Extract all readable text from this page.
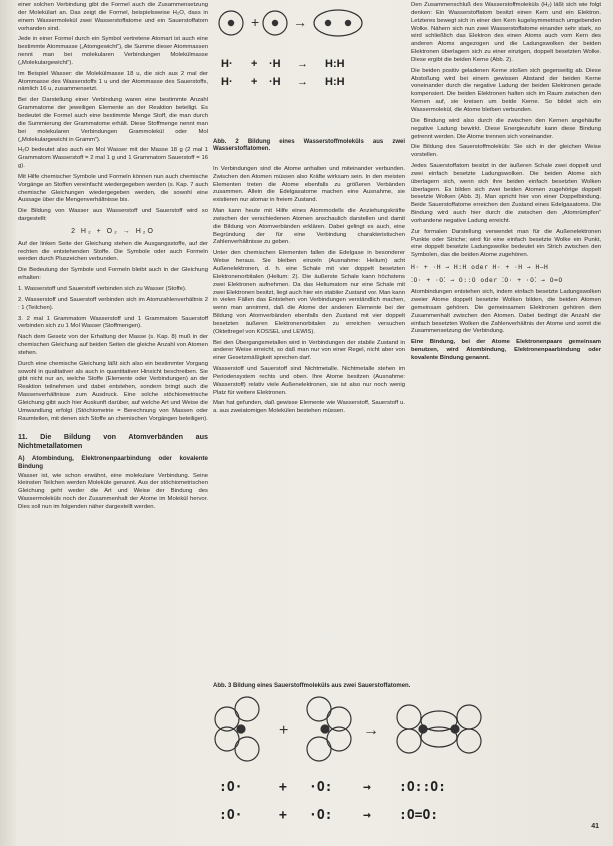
einer solchen Verbindung gibt die Formel auch die Zusammensetzung der Molekülart an. Das zeigt die Formel, beispielsweise H₂O, dass in einem Wassermolekül zwei Wasserstoffatome und ein Sauerstoffatom vorhanden sind.

Jede in einer Formel durch ein Symbol vertretene Atomart ist auch eine bestimmte Atommasse („Atomgewicht“), die Summe dieser Atommassen nennt man bei molekularen Verbindungen Molekülmasse („Molekulargewicht“).

Im Beispiel Wasser: die Molekülmasse 18 u, die sich aus 2 mal der Atommasse des Wasserstoffs 1 u und der Atommasse des Sauerstoffs, nämlich 16 u, zusammensetzt.

Bei der Darstellung einer Verbindung waren eine bestimmte Anzahl Grammatome der jeweiligen Elemente an der Reaktion beteiligt. Es bedeutet die Formel auch eine bestimmte Menge Stoff, die man durch die Summierung der Grammatome erhält. Diese Stoffmenge nennt man bei molekularen Verbindungen Grammolekül oder Mol („Molekulargewicht in Gramm“).

H₂O bedeutet also auch ein Mol Wasser mit der Masse 18 g (2 mal 1 Grammatom Wasserstoff = 2 mal 1 g und 1 Grammatom Sauerstoff = 16 g).

Mit Hilfe chemischer Symbole und Formeln können nun auch chemische Vorgänge an Stoffen vereinfacht wiedergegeben werden (s. Kap. 7 auch chemische Gleichungen wiedergegeben werden, die sowohl eine Aussage über die Mengenverhältnisse bis.

Die Bildung von Wasser aus Wasserstoff und Sauerstoff wird so dargestellt:

2 H₂ + O₂ → H₂O

Auf der linken Seite der Gleichung stehen die Ausgangsstoffe, auf der rechten die entstehenden Stoffe. Die Symbole oder auch Formeln werden durch Pluszeichen verbunden.

Die Bedeutung der Symbole und Formeln bleibt auch in der Gleichung erhalten:

1. Wasserstoff und Sauerstoff verbinden sich zu Wasser (Stoffe).

2. Wasserstoff und Sauerstoff verbinden sich im Atomzahlenverhältnis 2 : 1 (Teilchen).

3. 2 mal 1 Grammatom Wasserstoff und 1 Grammatom Sauerstoff verbinden sich zu 1 Mol Wasser (Stoffmengen).

Nach dem Gesetz von der Erhaltung der Masse (s. Kap. 8) muß in der chemischen Gleichung auf beiden Seiten die gleiche Anzahl von Atomen stehen.

Durch eine chemische Gleichung läßt sich also ein bestimmter Vorgang sowohl in qualitativer als auch in quantitativer Hinsicht beschreiben. Sie gibt nicht nur an, welche Stoffe (Elemente oder Verbindungen) an der Reaktion teilnehmen und dabei entstehen, sondern bringt auch die Massenverhältnisse zum Ausdruck. Eine solche stöchiometrische Gleichung gibt auch hier Auskunft darüber, auf welche Art und Weise die Umwandlung erfolgt (Stöchiometrie = Berechnung von Massen oder Raumteilen, mit denen sich Stoffe an chemischen Vorgängen beteiligen).

11. Die Bildung von Atomverbänden aus Nichtmetallatomen
A) Atombindung, Elektronenpaarbindung oder kovalente Bindung

Wasser ist, wie schon erwähnt, eine molekulare Verbindung. Seine kleinsten Teilchen werden Moleküle genannt. Aus der stöchiometrischen Gleichung geht weder die Art und Weise der Bindung des Wassermoleküls noch der Zusammenhalt der Atome im Molekül hervor. Dies soll nun im folgenden näher dargestellt werden.

+ →
H· + ·H → H:H
H· + ·H → H:H
Abb. 2 Bildung eines Wasserstoffmoleküls aus zwei Wasserstoffatomen.

In Verbindungen sind die Atome anhalten und miteinander verbunden. Zwischen den Atomen müssen also Kräfte wirksam sein. In den meisten Elementen treten die Atome ebenfalls zu größeren Verbänden zusammen. Allein die Edelgasatome machen eine Ausnahme, sie existieren nur atomar in freiem Zustand.

Man kann heute mit Hilfe eines Atommodells die Anziehungskräfte zwischen der verschiedenen Atomen anschaulich darstellen und damit die Bildung von Atomverbänden erklären. Dabei gelingt es auch, eine Begründung der für eine Verbindung charakteristischen Zahlenverhältnisse zu geben.

Unter den chemischen Elementen fallen die Edelgase in besonderer Weise heraus. Sie bleiben einzeln (Ausnahme: Helium) acht Außenelektronen, d. h. eine Schale mit vier doppelt besetzten Elektronenorbitalen (Helium: 2). Die äußerste Schale kann höchstens zwei Elektronen aufnehmen. Da das Heliumatom nur eine Schale mit zwei Elektronen besitzt, liegt auch hier ein stabiler Zustand vor. Man kann in vielen Fällen das Entstehen von Verbindungen verständlich machen, wenn man annimmt, daß die Atome der anderen Elemente bei der Bildung von Atomverbänden ebenfalls den Zustand mit vier doppelt besetzten äußeren Elektronenorbitalen zu erreichen versuchen (Oktettregel von KOSSEL und LEWIS).

Bei den Übergangsmetallen wird in Verbindungen der stabile Zustand in anderer Weise erreicht, so daß man nur von einer Regel, nicht aber von einer Gesetzmäßigkeit sprechen darf.

Wasserstoff und Sauerstoff sind Nichtmetalle. Nichtmetalle stehen im Periodensystem rechts und oben. Ihre Atome besitzen (Ausnahme: Wasserstoff) relativ viele Außenelektronen, sie ist also nur noch wenig Platz für weitere Elektronen.

Man hat gefunden, daß gewisse Elemente wie Wasserstoff, Sauerstoff u. a. aus zweiatomigen Molekülen bestehen müssen.

Den Zusammenschluß des Wasserstoffmoleküls (H₂) läßt sich wie folgt denken: Ein Wasserstoffatom besitzt einen Kern und ein Elektron. Letzteres bewegt sich in einer den Kern kugelsymmetrisch umgebenden Wolke. Nähern sich nun zwei Wasserstoffatome einander sehr stark, so wird schließlich das Elektron des einen Atoms auch vom Kern des anderen Atoms angezogen und die Ladungswolken der beiden Elektronen überlagern sich zu einer einzigen, doppelt besetzten Wolke. Diese ergibt die beiden Kerne (Abb. 2).

Die beiden positiv geladenen Kerne stoßen sich gegenseitig ab. Diese Abstoßung wird bei einem gewissen Abstand der beiden Kerne voneinander durch die negative Ladung der beiden Elektronen gerade kompensiert. Die beiden Elektronen halten sich im Raum zwischen den Kernen auf, sie kreisen um beide Kerne. So bildet sich ein Wassermolekül, die Atome bleiben verbunden.

Die Bindung wird also durch die zwischen den Kernen angehäufte negative Ladung bewirkt. Diese Energiezufuhr kann diese Bindung getrennt werden. Die Atome trennen sich voneinander.

Die Bildung des Sauerstoffmoleküls: Sie sich in der gleichen Weise vorstellen.

Jedes Sauerstoffatom besitzt in der äußeren Schale zwei doppelt und zwei einfach besetzte Ladungswolken. Die beiden Atome sich überlagern sich, wenn sich ihre beiden einfach besetzten Wolken überlagern. Es bilden sich zwei beiden Atomen zugehörige doppelt besetzte Wolken (Abb. 3). Man spricht hier von einer Doppelbindung. Beide Sauerstoffatome erreichen den Zustand eines Edelgasatoms. Die Bindung wird auch hier durch die zwischen den „Atomrümpfen“ vorhandene negative Ladung erreicht.

Zur formalen Darstellung verwendet man für die Außenelektronen Punkte oder Striche; wird für eine einfach besetzte Wolke ein Punkt, eine doppelt besetzte Ladungswolke bedeutet ein Strich zwischen den Symbolen, das die beiden Atome zugehören.

H· + ·H → H:H oder H· + ·H → H–H
⁚O· + ·O⁚ → O::O oder ⁚O· + ·O⁚ → O=O

Atombindungen entstehen sich, indem einfach besetzte Ladungswolken zweier Atome doppelt besetzte Wolken bilden, die beiden Atomen gemeinsam gehören. Die gemeinsamen Elektronen gehören dem Zusammenhalt zwischen den Atomen. Dabei bedingt die Anzahl der einfach besetzten Wolken die Zahlenverhältnis der Atome und somit die Zusammensetzung der Verbindung.

Eine Bindung, bei der Atome Elektronenpaare gemeinsam benutzen, wird Atombindung, Elektronenpaarbindung oder kovalente Bindung genannt.

Abb. 3 Bildung eines Sauerstoffmoleküls aus zwei Sauerstoffatomen.
+	→
:O·	+ ·O: → :O::O:
:O·	+ ·O: → :O=O:
41
